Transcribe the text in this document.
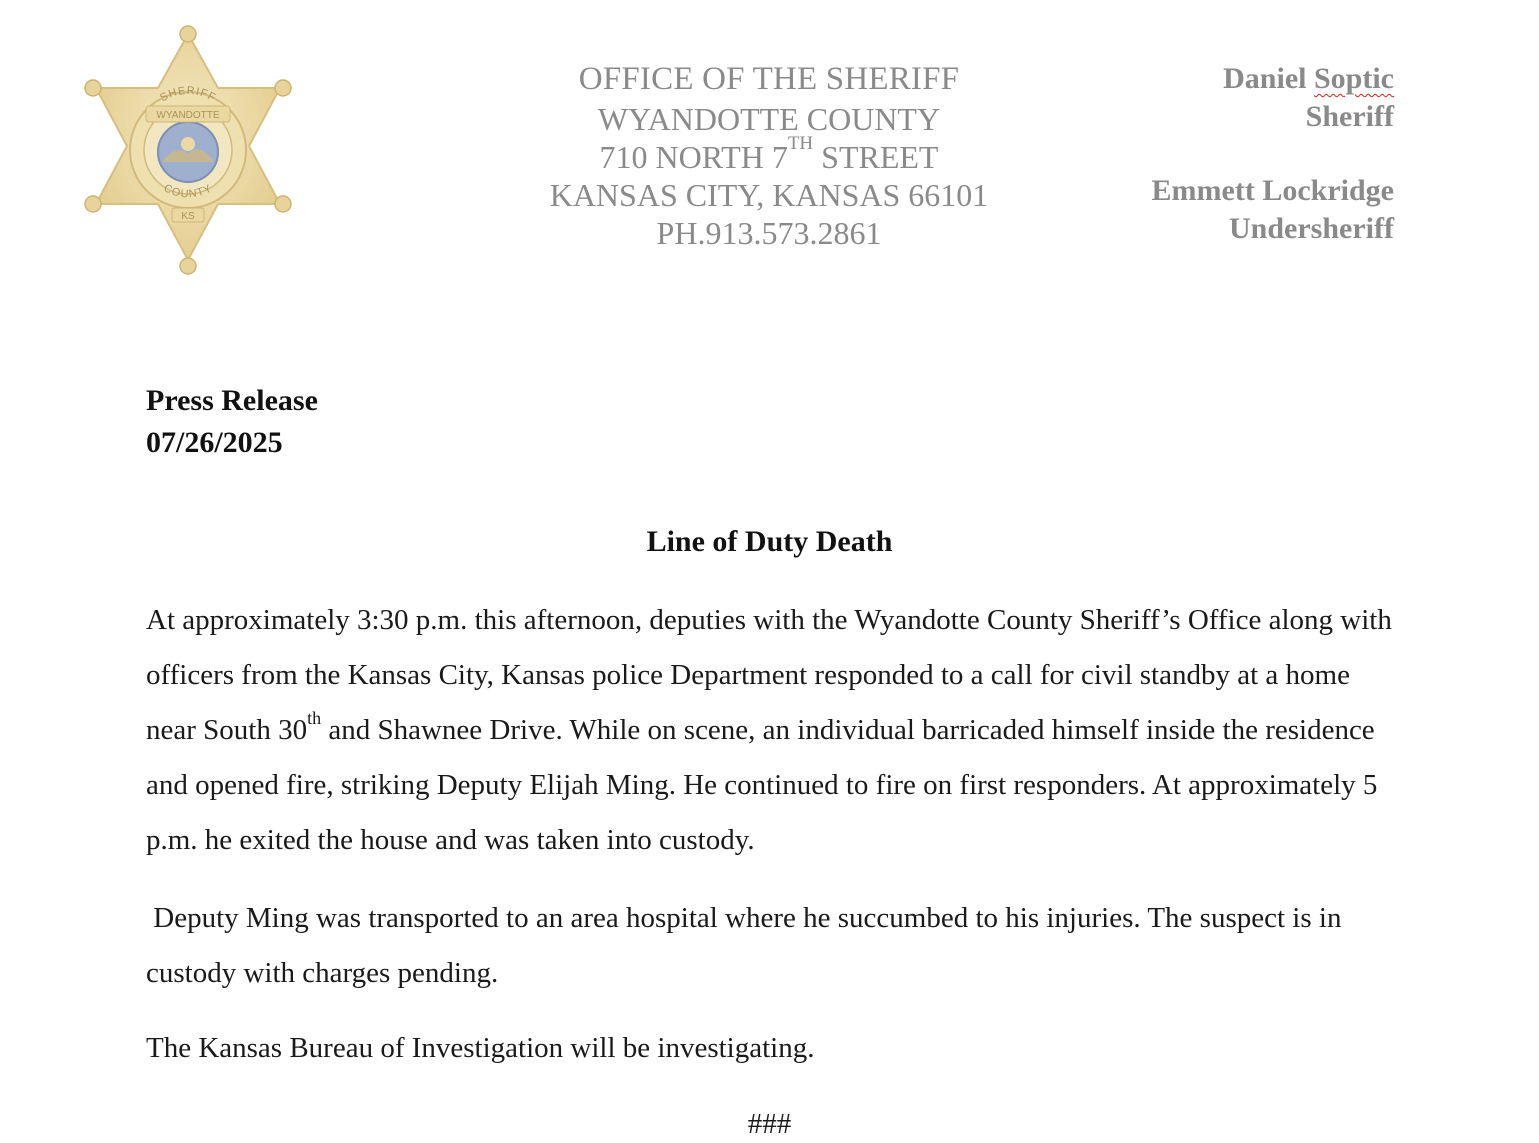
SHERIFF
WYANDOTTE
COUNTY
KS
OFFICE OF THE SHERIFF
WYANDOTTE COUNTY
710 NORTH 7TH STREET
KANSAS CITY, KANSAS 66101
PH.913.573.2861
Daniel Soptic
Sheriff
Emmett Lockridge
Undersheriff
Press Release
07/26/2025
Line of Duty Death
At approximately 3:30 p.m. this afternoon, deputies with the Wyandotte County Sheriff’s Office along with officers from the Kansas City, Kansas police Department responded to a call for civil standby at a home near South 30th and Shawnee Drive. While on scene, an individual barricaded himself inside the residence and opened fire, striking Deputy Elijah Ming. He continued to fire on first responders. At approximately 5 p.m. he exited the house and was taken into custody.
Deputy Ming was transported to an area hospital where he succumbed to his injuries. The suspect is in custody with charges pending.
The Kansas Bureau of Investigation will be investigating.
###
